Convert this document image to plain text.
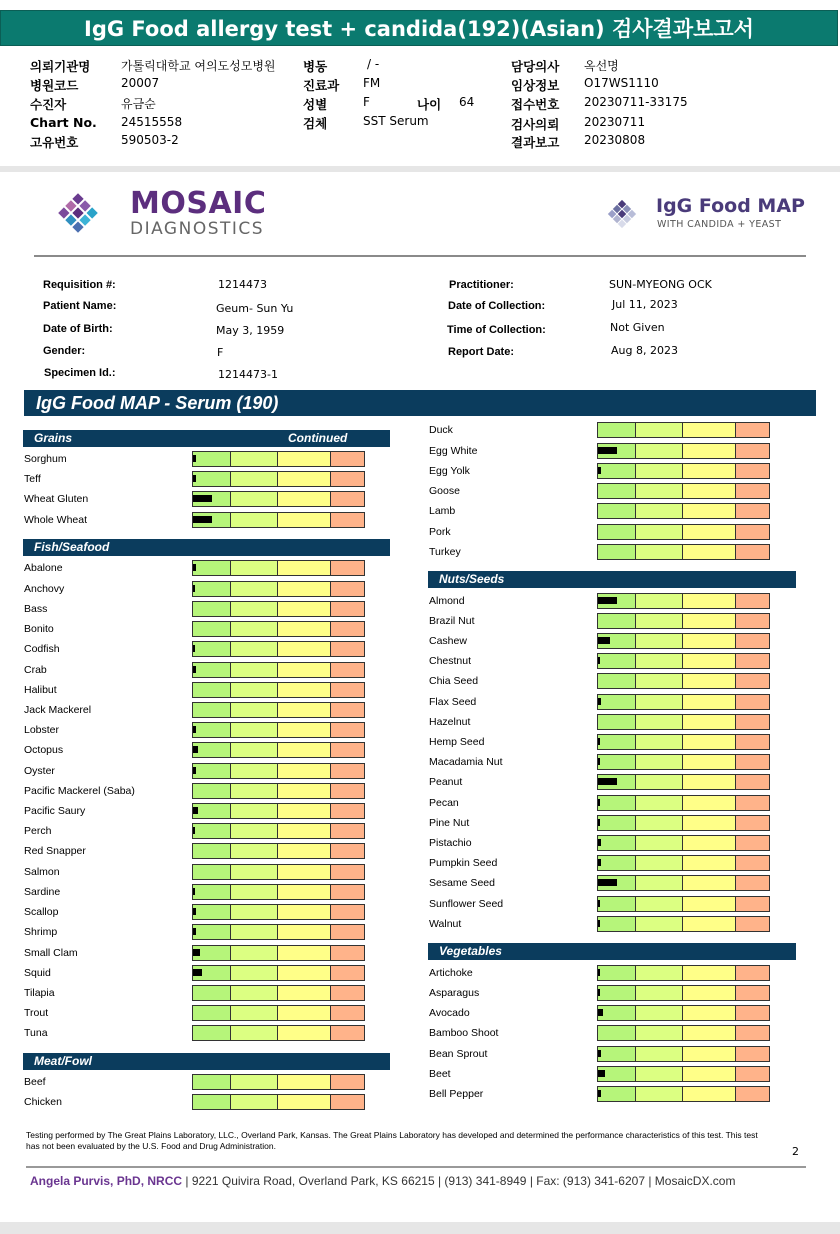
IgG Food allergy test + candida(192)(Asian) 검사결과보고서
의뢰기관명	가톨릭대학교 여의도성모병원
병원코드	20007
수진자	유금순
Chart No. 24515558
고유번호	590503-2
병동	/ -
진료과 FM
성별	F	나이 64
검체	SST Serum
담당의사 옥선명
임상정보 O17WS1110
접수번호 20230711-33175
검사의뢰 20230711
결과보고 20230808
MOSAIC
DIAGNOSTICS
IgG Food MAP
WITH CANDIDA + YEAST
Requisition #:	1214473
Patient Name:	Geum- Sun Yu
Date of Birth:	May 3, 1959
Gender:	F
Specimen Id.:	1214473-1
Practitioner:	SUN-MYEONG OCK
Date of Collection:	Jul 11, 2023
Time of Collection:	Not Given
Report Date:	Aug 8, 2023
IgG Food MAP - Serum (190)
Grains	Continued
Fish/Seafood
Meat/Fowl
Nuts/Seeds
Vegetables
Sorghum
Teff
Wheat Gluten
Whole Wheat
Abalone
Anchovy
Bass
Bonito
Codfish
Crab
Halibut
Jack Mackerel
Lobster
Octopus
Oyster
Pacific Mackerel (Saba)
Pacific Saury
Perch
Red Snapper
Salmon
Sardine
Scallop
Shrimp
Small Clam
Squid
Tilapia
Trout
Tuna
Beef
Chicken
Duck
Egg White
Egg Yolk
Goose
Lamb
Pork
Turkey
Almond
Brazil Nut
Cashew
Chestnut
Chia Seed
Flax Seed
Hazelnut
Hemp Seed
Macadamia Nut
Peanut
Pecan
Pine Nut
Pistachio
Pumpkin Seed
Sesame Seed
Sunflower Seed
Walnut
Artichoke
Asparagus
Avocado
Bamboo Shoot
Bean Sprout
Beet
Bell Pepper
Testing performed by The Great Plains Laboratory, LLC., Overland Park, Kansas. The Great Plains Laboratory has developed and determined the performance characteristics of this test. This test has not been evaluated by the U.S. Food and Drug Administration.	2
Angela Purvis, PhD, NRCC | 9221 Quivira Road, Overland Park, KS 66215 | (913) 341-8949 | Fax: (913) 341-6207 | MosaicDX.com
